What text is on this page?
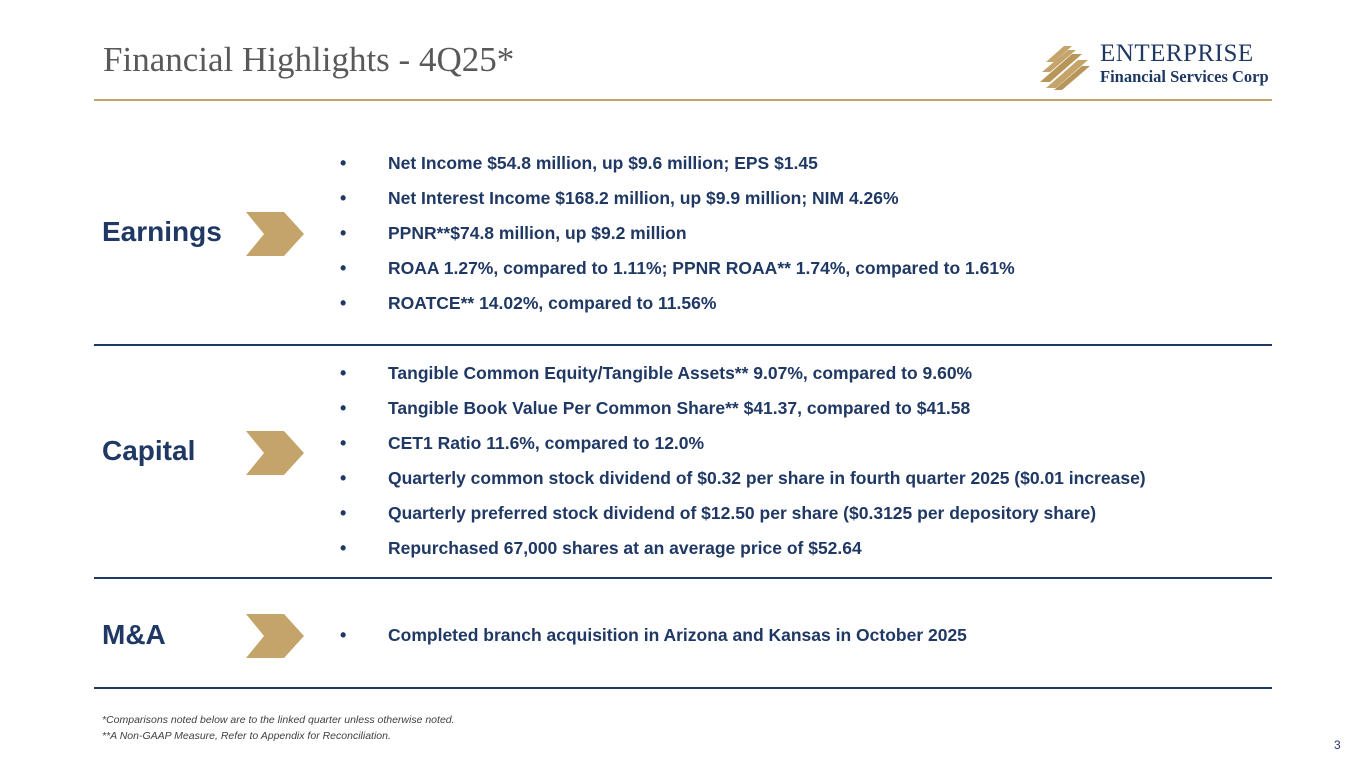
Financial Highlights - 4Q25*	ENTERPRISE
Financial Services Corp
Earnings
• Net Income $54.8 million, up $9.6 million; EPS $1.45
• Net Interest Income $168.2 million, up $9.9 million; NIM 4.26%
• PPNR**$74.8 million, up $9.2 million
• ROAA 1.27%, compared to 1.11%; PPNR ROAA** 1.74%, compared to 1.61%
• ROATCE** 14.02%, compared to 11.56%
Capital
• Tangible Common Equity/Tangible Assets** 9.07%, compared to 9.60%
• Tangible Book Value Per Common Share** $41.37, compared to $41.58
• CET1 Ratio 11.6%, compared to 12.0%
• Quarterly common stock dividend of $0.32 per share in fourth quarter 2025 ($0.01 increase)
• Quarterly preferred stock dividend of $12.50 per share ($0.3125 per depository share)
• Repurchased 67,000 shares at an average price of $52.64
M&A	• Completed branch acquisition in Arizona and Kansas in October 2025
*Comparisons noted below are to the linked quarter unless otherwise noted.
**A Non-GAAP Measure, Refer to Appendix for Reconciliation.
3
